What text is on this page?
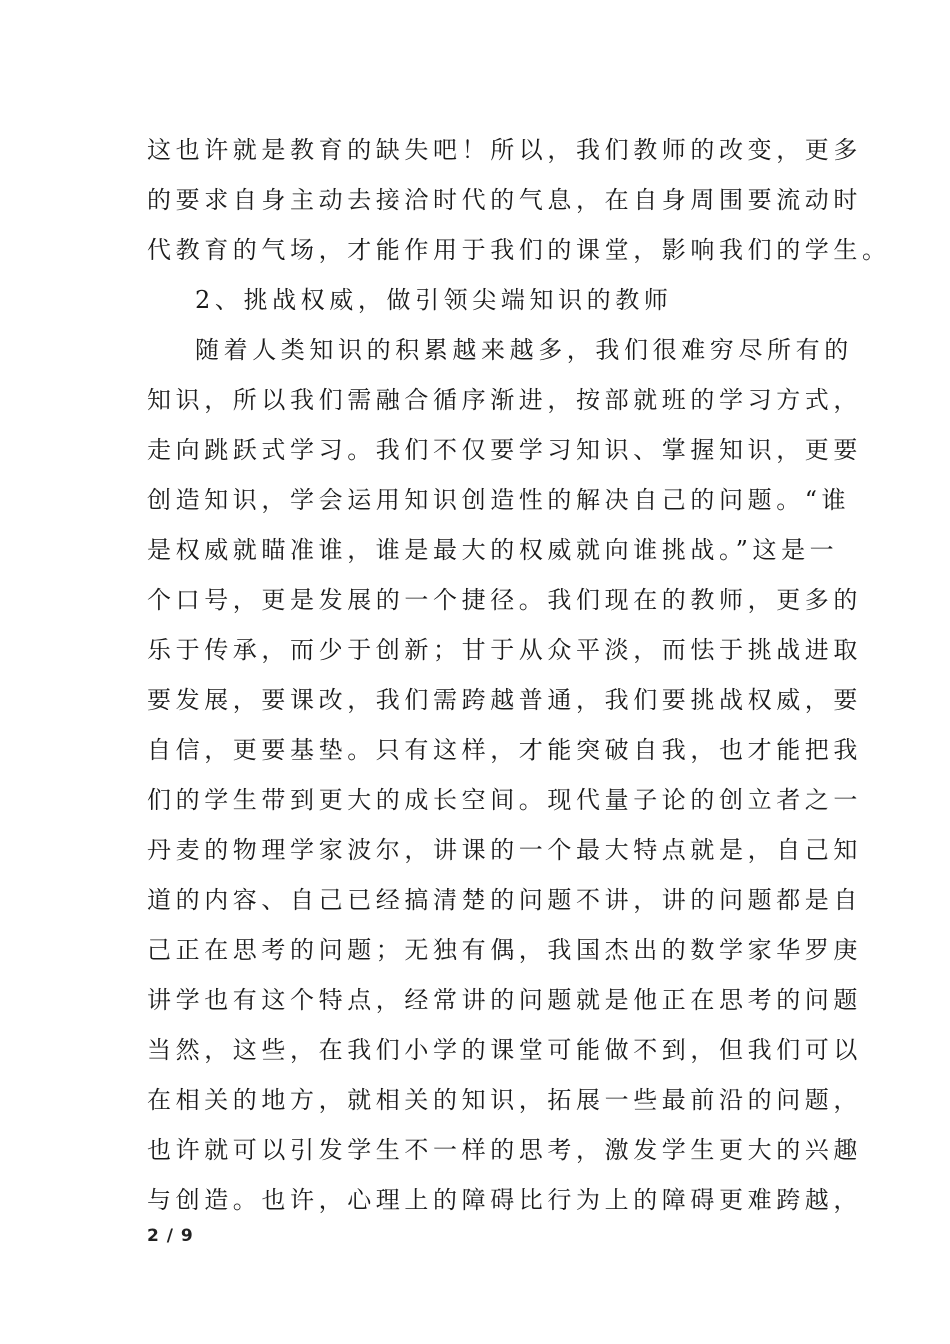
这也许就是教育的缺失吧！所以，我们教师的改变，更多
的要求自身主动去接洽时代的气息，在自身周围要流动时
代教育的气场，才能作用于我们的课堂，影响我们的学生。
2、挑战权威，做引领尖端知识的教师
随着人类知识的积累越来越多，我们很难穷尽所有的
知识，所以我们需融合循序渐进，按部就班的学习方式，
走向跳跃式学习。我们不仅要学习知识、掌握知识，更要
创造知识，学会运用知识创造性的解决自己的问题。“谁
是权威就瞄准谁，谁是最大的权威就向谁挑战。”这是一
个口号，更是发展的一个捷径。我们现在的教师，更多的
乐于传承，而少于创新；甘于从众平淡，而怯于挑战进取
要发展，要课改，我们需跨越普通，我们要挑战权威，要
自信，更要基垫。只有这样，才能突破自我，也才能把我
们的学生带到更大的成长空间。现代量子论的创立者之一
丹麦的物理学家波尔，讲课的一个最大特点就是，自己知
道的内容、自己已经搞清楚的问题不讲，讲的问题都是自
己正在思考的问题；无独有偶，我国杰出的数学家华罗庚
讲学也有这个特点，经常讲的问题就是他正在思考的问题
当然，这些，在我们小学的课堂可能做不到，但我们可以
在相关的地方，就相关的知识，拓展一些最前沿的问题，
也许就可以引发学生不一样的思考，激发学生更大的兴趣
与创造。也许，心理上的障碍比行为上的障碍更难跨越，
2 / 9
